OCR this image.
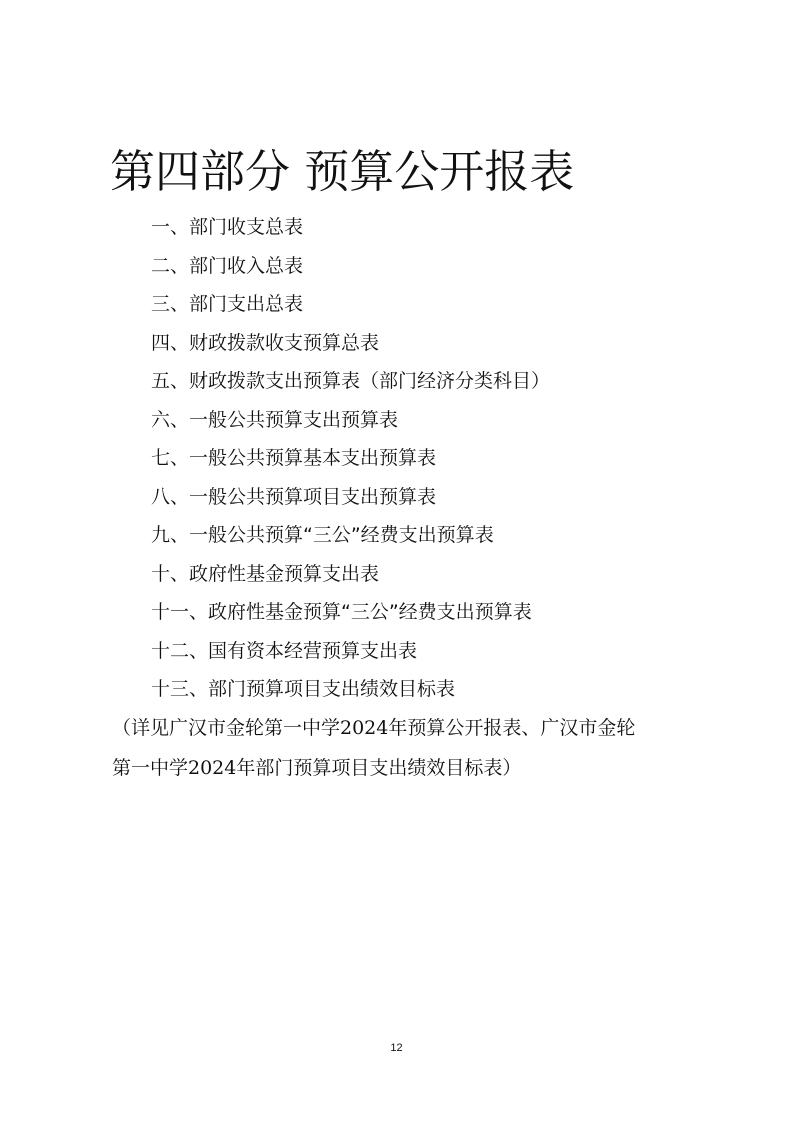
第四部分 预算公开报表
一、部门收支总表
二、部门收入总表
三、部门支出总表
四、财政拨款收支预算总表
五、财政拨款支出预算表（部门经济分类科目）
六、一般公共预算支出预算表
七、一般公共预算基本支出预算表
八、一般公共预算项目支出预算表
九、一般公共预算“三公”经费支出预算表
十、政府性基金预算支出表
十一、政府性基金预算“三公”经费支出预算表
十二、国有资本经营预算支出表
十三、部门预算项目支出绩效目标表

（详见广汉市金轮第一中学2024年预算公开报表、广汉市金轮
第一中学2024年部门预算项目支出绩效目标表）

12
